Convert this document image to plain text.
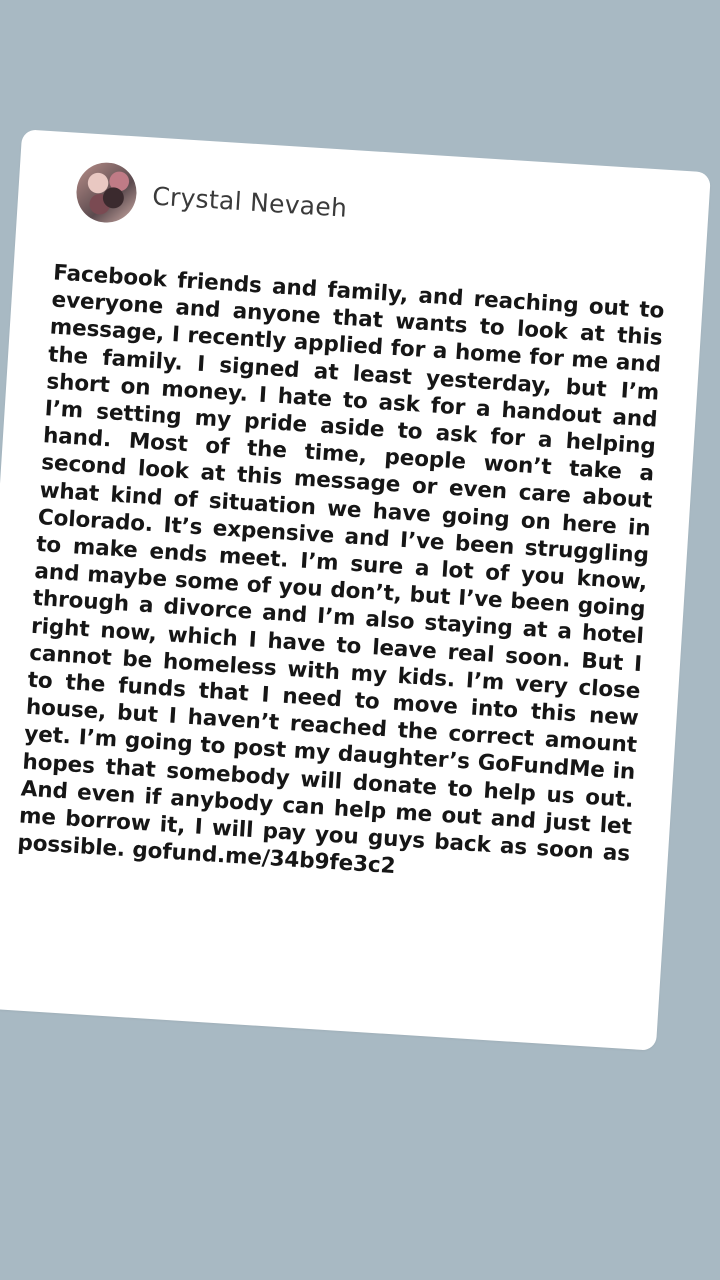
Crystal Nevaeh

Facebook friends and family, and reaching out to everyone and anyone that wants to look at this message, I recently applied for a home for me and the family. I signed at least yesterday, but I’m short on money. I hate to ask for a handout and I’m setting my pride aside to ask for a helping hand. Most of the time, people won’t take a second look at this message or even care about what kind of situation we have going on here in Colorado. It’s expensive and I’ve been struggling to make ends meet. I’m sure a lot of you know, and maybe some of you don’t, but I’ve been going through a divorce and I’m also staying at a hotel right now, which I have to leave real soon. But I cannot be homeless with my kids. I’m very close to the funds that I need to move into this new house, but I haven’t reached the correct amount yet. I’m going to post my daughter’s GoFundMe in hopes that somebody will donate to help us out. And even if anybody can help me out and just let me borrow it, I will pay you guys back as soon as possible. gofund.me/34b9fe3c2
